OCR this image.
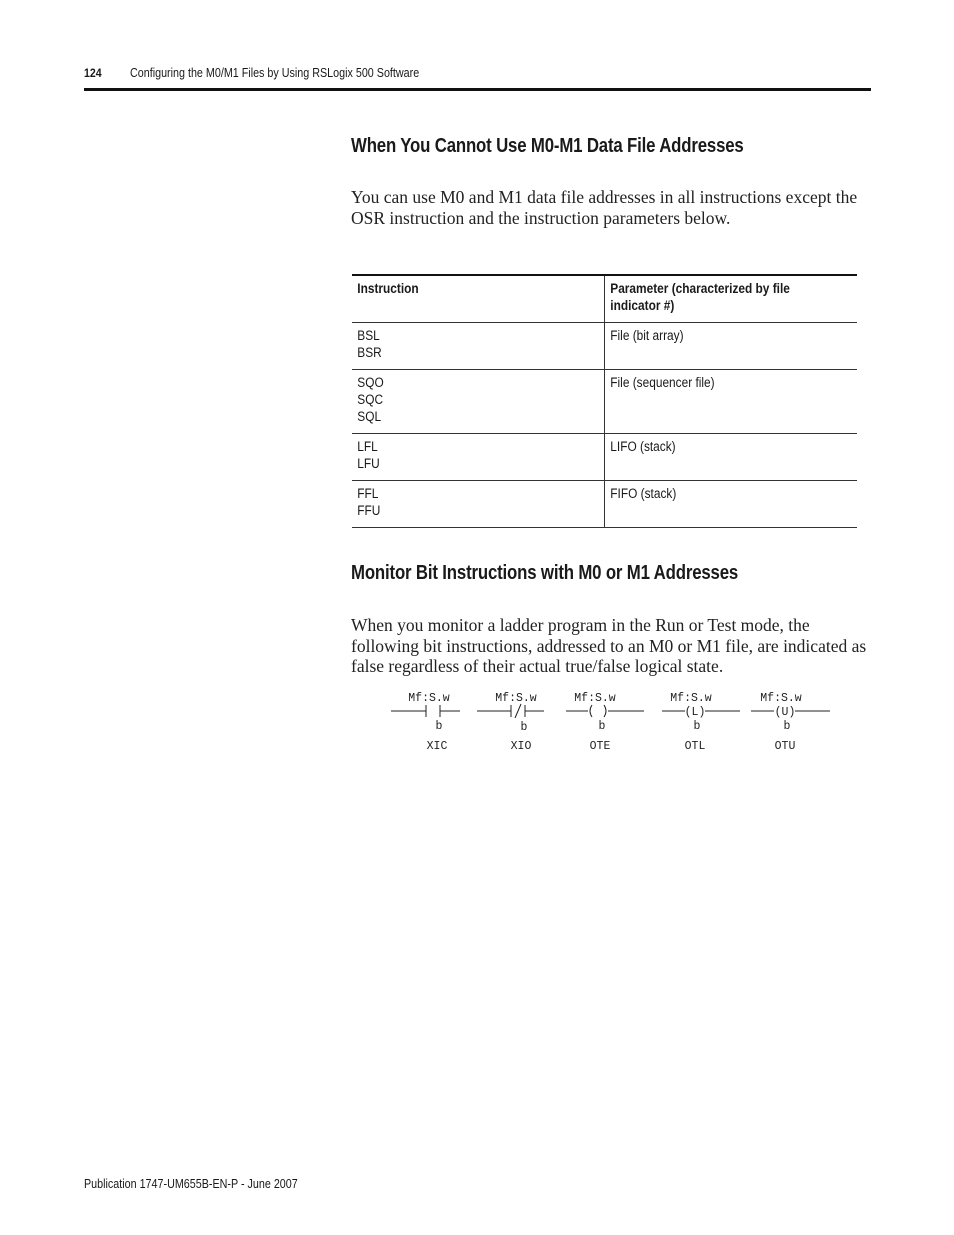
124 Configuring the M0/M1 Files by Using RSLogix 500 Software
When You Cannot Use M0-M1 Data File Addresses
You can use M0 and M1 data file addresses in all instructions except the OSR instruction and the instruction parameters below.
Instruction	Parameter (characterized by file indicator #)

BSL
BSR	File (bit array)

SQO
SQC
SQL	File (sequencer file)

LFL
LFU	LIFO (stack)

FFL
FFU	FIFO (stack)
Monitor Bit Instructions with M0 or M1 Addresses
When you monitor a ladder program in the Run or Test mode, the following bit instructions, addressed to an M0 or M1 file, are indicated as false regardless of their actual true/false logical state.
Mf:S.w
b
XIC
Mf:S.w
b
XIO
Mf:S.w
b
OTE
Mf:S.w
(L)
b
OTL
Mf:S.w
(U)
b
OTU
Publication 1747-UM655B-EN-P - June 2007
